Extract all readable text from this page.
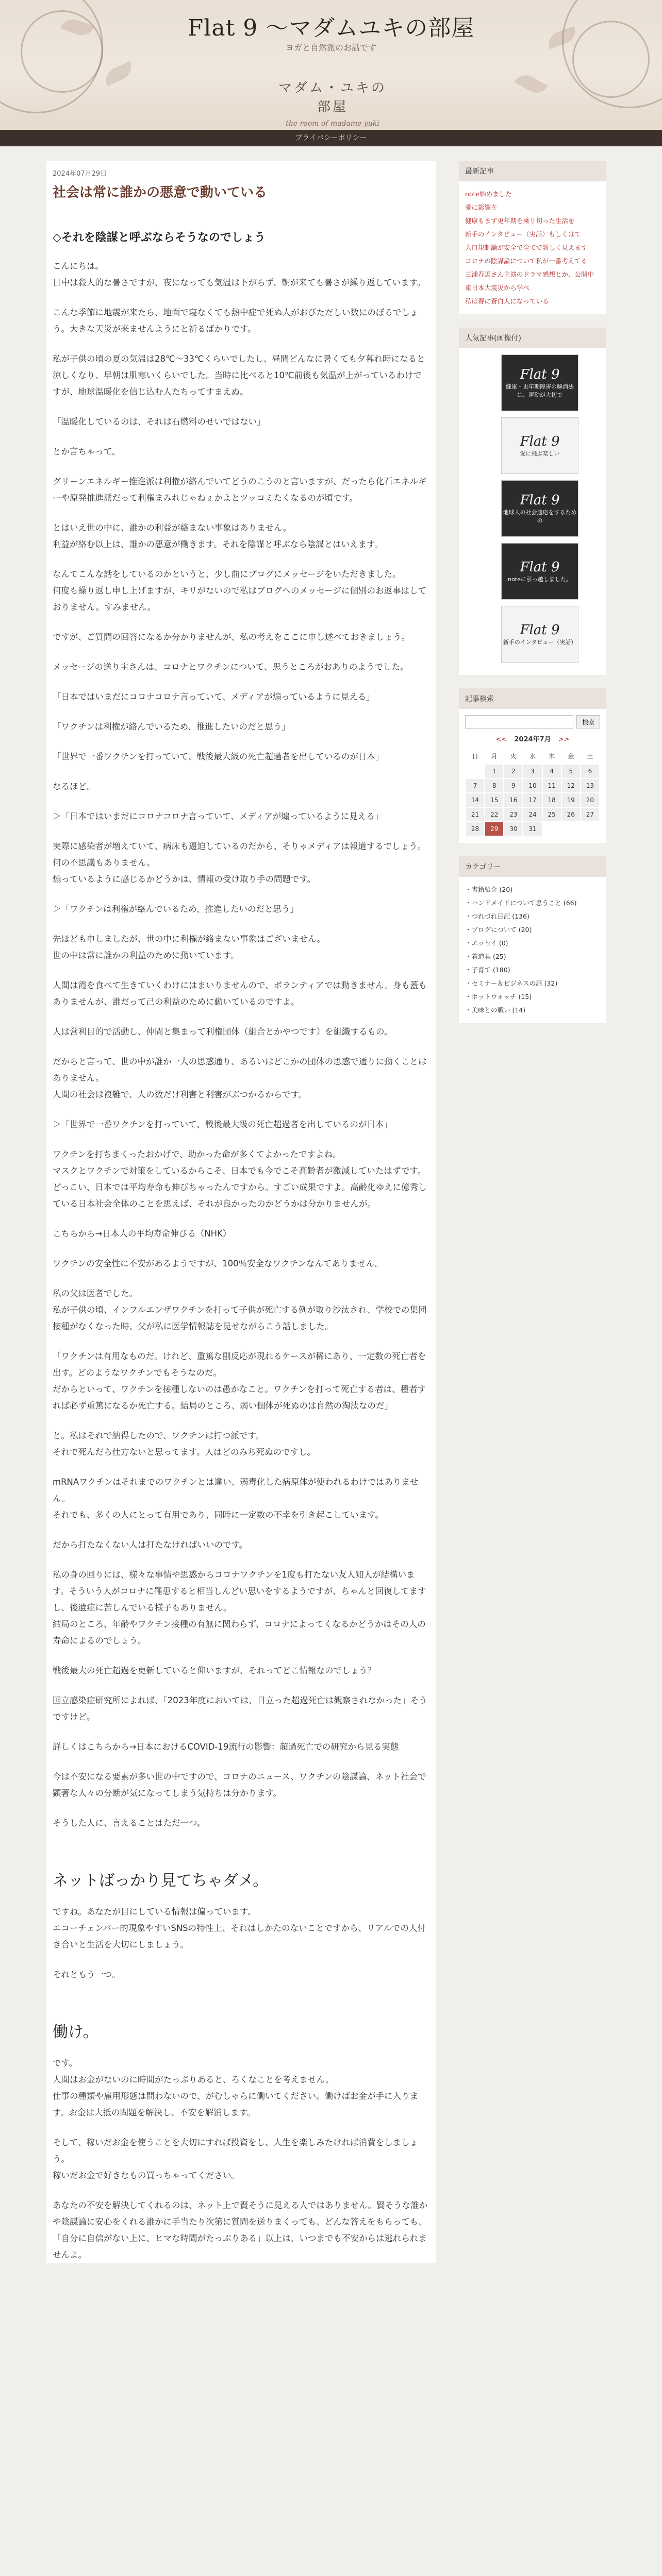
Flat 9 〜マダムユキの部屋
ヨガと自然派のお話です
マダム・ユキの部屋
the room of madame yuki
プライバシーポリシー
2024年07月29日
社会は常に誰かの悪意で動いている
◇それを陰謀と呼ぶならそうなのでしょう
こんにちは。
日中は殺人的な暑さですが、夜になっても気温は下がらず、朝が来ても暑さが繰り返しています。
こんな季節に地震が来たら、地面で寝なくても熱中症で死ぬ人がおびただしい数にのぼるでしょう。大きな天災が来ませんようにと祈るばかりです。
私が子供の頃の夏の気温は28℃〜33℃くらいでしたし、昼間どんなに暑くても夕暮れ時になると涼しくなり、早朝は肌寒いくらいでした。当時に比べると10℃前後も気温が上がっているわけですが、地球温暖化を信じ込む人たちってすまえぬ。
「温暖化しているのは、それは石燃料のせいではない」
とか言ちゃって。
グリーンエネルギー推進派は利権が絡んでいてどうのこうのと言いますが、だったら化石エネルギーや原発推進派だって利権まみれじゃねぇかよとツッコミたくなるのが頃です。
とはいえ世の中に、誰かの利益が絡まない事象はありません。
利益が絡む以上は、誰かの悪意が働きます。それを陰謀と呼ぶなら陰謀とはいえます。
なんてこんな話をしているのかというと、少し前にブログにメッセージをいただきました。
何度も繰り返し申し上げますが、キリがないので私はブログへのメッセージに個別のお返事はしておりません。すみません。
ですが、ご質問の回答になるか分かりませんが、私の考えをここに申し述べておきましょう。
メッセージの送り主さんは、コロナとワクチンについて、思うところがおありのようでした。
「日本ではいまだにコロナコロナ言っていて、メディアが煽っているように見える」
「ワクチンは利権が絡んでいるため、推進したいのだと思う」
「世界で一番ワクチンを打っていて、戦後最大級の死亡超過者を出しているのが日本」
なるほど。
＞「日本ではいまだにコロナコロナ言っていて、メディアが煽っているように見える」
実際に感染者が増えていて、病床も逼迫しているのだから、そりゃメディアは報道するでしょう。何の不思議もありません。
煽っているように感じるかどうかは、情報の受け取り手の問題です。
＞「ワクチンは利権が絡んでいるため、推進したいのだと思う」
先ほども申しましたが、世の中に利権が絡まない事象はございません。
世の中は常に誰かの利益のために動いています。
人間は霞を食べて生きていくわけにはまいりませんので、ボランティアでは動きません。身も蓋もありませんが、誰だって己の利益のために動いているのですよ。
人は営利目的で活動し、仲間と集まって利権団体（組合とかやつです）を組織するもの。
だからと言って、世の中が誰か一人の思惑通り、あるいはどこかの団体の思惑で通りに動くことはありません。
人間の社会は複雑で、人の数だけ利害と利害がぶつかるからです。
＞「世界で一番ワクチンを打っていて、戦後最大級の死亡超過者を出しているのが日本」
ワクチンを打ちまくったおかげで、助かった命が多くてよかったですよね。
マスクとワクチンで対策をしているからこそ、日本でも今でこそ高齢者が激減していたはずです。
どっこい、日本では平均寿命も伸びちゃったんですから。すごい成果ですよ。高齢化ゆえに億秀している日本社会全体のことを思えば、それが良かったのかどうかは分かりませんが。
こちらから→日本人の平均寿命伸びる（NHK）
ワクチンの安全性に不安があるようですが、100％安全なワクチンなんてありません。
私の父は医者でした。
私が子供の頃、インフルエンザワクチンを打って子供が死亡する例が取り沙汰され、学校での集団接種がなくなった時、父が私に医学情報誌を見せながらこう話しました。
「ワクチンは有用なものだ。けれど、重篤な副反応が現れるケースが稀にあり、一定数の死亡者を出す。どのようなワクチンでもそうなのだ。
だからといって、ワクチンを接種しないのは愚かなこと。ワクチンを打って死亡する者は、種者すれば必ず重篤になるか死亡する。結局のところ、弱い個体が死ぬのは自然の淘汰なのだ」
と。私はそれで納得したので、ワクチンは打つ派です。
それで死んだら仕方ないと思ってます。人はどのみち死ぬのですし。
mRNAワクチンはそれまでのワクチンとは違い、弱毒化した病原体が使われるわけではありません。
それでも、多くの人にとって有用であり、同時に一定数の不幸を引き起こしています。
だから打たなくない人は打たなければいいのです。
私の身の回りには、様々な事情や思惑からコロナワクチンを1度も打たない友人知人が結構います。そういう人がコロナに罹患すると相当しんどい思いをするようですが、ちゃんと回復してますし、後遺症に苦しんでいる様子もありません。
結局のところ、年齢やワクチン接種の有無に関わらず、コロナによってくなるかどうかはその人の寿命によるのでしょう。
戦後最大の死亡超過を更新していると仰いますが、それってどこ情報なのでしょう？
国立感染症研究所によれば、「2023年度においては、目立った超過死亡は観察されなかった」そうですけど。
詳しくはこちらから→日本におけるCOVID-19流行の影響：超過死亡での研究から見る実態
今は不安になる要素が多い世の中ですので、コロナのニュース、ワクチンの陰謀論、ネット社会で顕著な人々の分断が気になってしまう気持ちは分かります。
そうした人に、言えることはただ一つ。
ネットばっかり見てちゃダメ。
ですね。あなたが目にしている情報は偏っています。
エコーチェンバー的現象やすいSNSの特性上、それはしかたのないことですから、リアルでの人付き合いと生活を大切にしましょう。
それともう一つ。
働け。
です。
人間はお金がないのに時間がたっぷりあると、ろくなことを考えません。
仕事の種類や雇用形態は問わないので、がむしゃらに働いてください。働けばお金が手に入ります。お金は大抵の問題を解決し、不安を解消します。
そして、稼いだお金を使うことを大切にすれば投資をし、人生を楽しみたければ消費をしましょう。
稼いだお金で好きなもの買っちゃってください。
あなたの不安を解決してくれるのは、ネット上で賢そうに見える人ではありません。賢そうな誰かや陰謀論に安心をくれる誰かに手当たり次第に質問を送りまくっても、どんな答えをもらっても、「自分に自信がない上に、ヒマな時間がたっぷりある」以上は、いつまでも不安からは逃れられませんよ。
最新記事
note始めました
愛に影響を
健康もまず更年期を乗り切った生活を
新手のインタビュー（実話）もしくはて
人口規制論が安全で全てで新しく見えます
コロナの陰謀論について私が一番考えてる
三浦春馬さん主演のドラマ感想とか、公開中
東日本大震災から学べ
私は春に蒼白人になっている
人気記事(画像付)
Flat 9
健康・更年期障害の解消法は、運動が大切で
Flat 9
愛に飛ぶ楽しい
Flat 9
地球人の社会適応をするための
Flat 9
noteに引っ越しました。
Flat 9
新手のインタビュー（実話）
記事検索
検索
<< 2024年7月 >>
日	月	火	水	木	金	土
	1	2	3	4	5	6
7	8	9	10	11	12	13
14	15	16	17	18	19	20
21	22	23	24	25	26	27
28	29	30	31			
カテゴリー
・書籍紹介 (20)
・ハンドメイドについて思うこと (66)
・つれづれ日記 (136)
・ブログについて (20)
・エッセイ (0)
・着道具 (25)
・子育て (180)
・セミナー＆ビジネスの話 (32)
・ホットウォッチ (15)
・美味との戦い (14)
